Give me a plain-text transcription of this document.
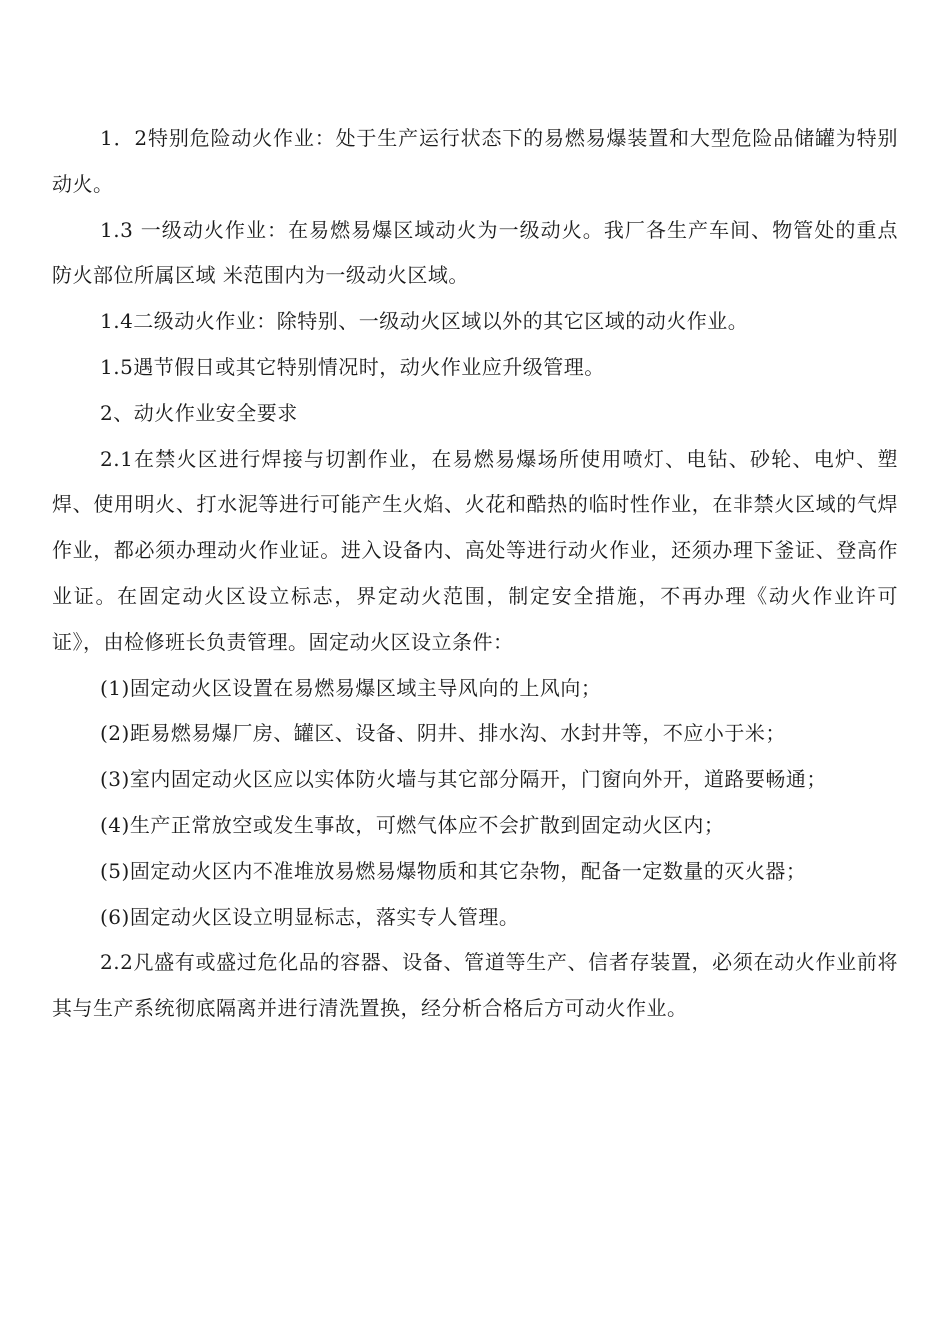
1．2特别危险动火作业：处于生产运行状态下的易燃易爆装置和大型危险品储罐为特别动火。

1.3 一级动火作业：在易燃易爆区域动火为一级动火。我厂各生产车间、物管处的重点防火部位所属区域 米范围内为一级动火区域。

1.4二级动火作业：除特别、一级动火区域以外的其它区域的动火作业。

1.5遇节假日或其它特别情况时，动火作业应升级管理。

2、动火作业安全要求

2.1在禁火区进行焊接与切割作业，在易燃易爆场所使用喷灯、电钻、砂轮、电炉、塑焊、使用明火、打水泥等进行可能产生火焰、火花和酷热的临时性作业，在非禁火区域的气焊作业，都必须办理动火作业证。进入设备内、高处等进行动火作业，还须办理下釜证、登高作业证。在固定动火区设立标志，界定动火范围，制定安全措施，不再办理《动火作业许可证》，由检修班长负责管理。固定动火区设立条件：

(1)固定动火区设置在易燃易爆区域主导风向的上风向；

(2)距易燃易爆厂房、罐区、设备、阴井、排水沟、水封井等，不应小于米；

(3)室内固定动火区应以实体防火墙与其它部分隔开，门窗向外开，道路要畅通；

(4)生产正常放空或发生事故，可燃气体应不会扩散到固定动火区内；

(5)固定动火区内不准堆放易燃易爆物质和其它杂物，配备一定数量的灭火器；

(6)固定动火区设立明显标志，落实专人管理。

2.2凡盛有或盛过危化品的容器、设备、管道等生产、信者存装置，必须在动火作业前将其与生产系统彻底隔离并进行清洗置换，经分析合格后方可动火作业。
